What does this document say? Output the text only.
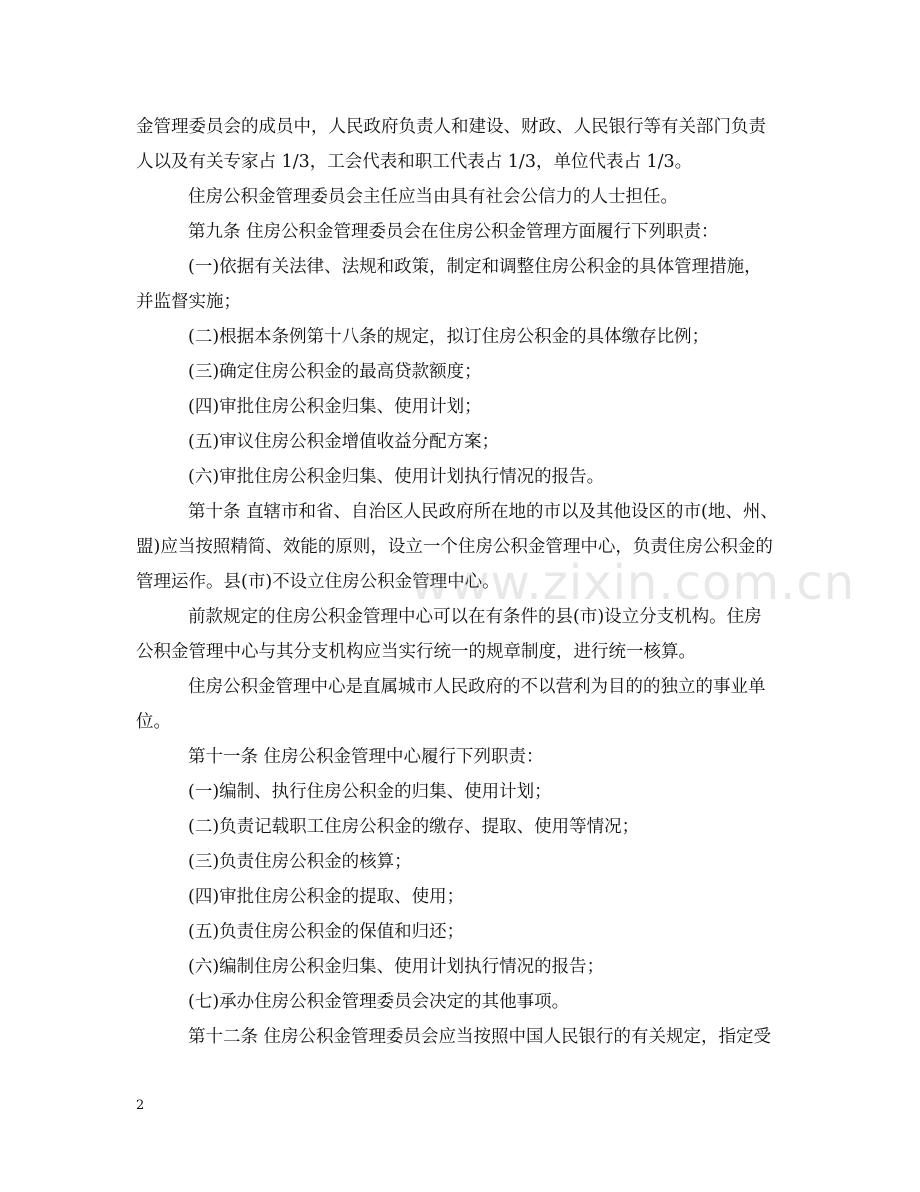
金管理委员会的成员中，人民政府负责人和建设、财政、人民银行等有关部门负责

人以及有关专家占 1/3，工会代表和职工代表占 1/3，单位代表占 1/3。

住房公积金管理委员会主任应当由具有社会公信力的人士担任。

第九条 住房公积金管理委员会在住房公积金管理方面履行下列职责：

(一)依据有关法律、法规和政策，制定和调整住房公积金的具体管理措施，

并监督实施；

(二)根据本条例第十八条的规定，拟订住房公积金的具体缴存比例；

(三)确定住房公积金的最高贷款额度；

(四)审批住房公积金归集、使用计划；

(五)审议住房公积金增值收益分配方案；

(六)审批住房公积金归集、使用计划执行情况的报告。

第十条 直辖市和省、自治区人民政府所在地的市以及其他设区的市(地、州、

盟)应当按照精简、效能的原则，设立一个住房公积金管理中心，负责住房公积金的

管理运作。县(市)不设立住房公积金管理中心。

前款规定的住房公积金管理中心可以在有条件的县(市)设立分支机构。住房

公积金管理中心与其分支机构应当实行统一的规章制度，进行统一核算。

住房公积金管理中心是直属城市人民政府的不以营利为目的的独立的事业单

位。

第十一条 住房公积金管理中心履行下列职责：

(一)编制、执行住房公积金的归集、使用计划；

(二)负责记载职工住房公积金的缴存、提取、使用等情况；

(三)负责住房公积金的核算；

(四)审批住房公积金的提取、使用；

(五)负责住房公积金的保值和归还；

(六)编制住房公积金归集、使用计划执行情况的报告；

(七)承办住房公积金管理委员会决定的其他事项。

第十二条 住房公积金管理委员会应当按照中国人民银行的有关规定，指定受

www.zixin.com.cn
2
